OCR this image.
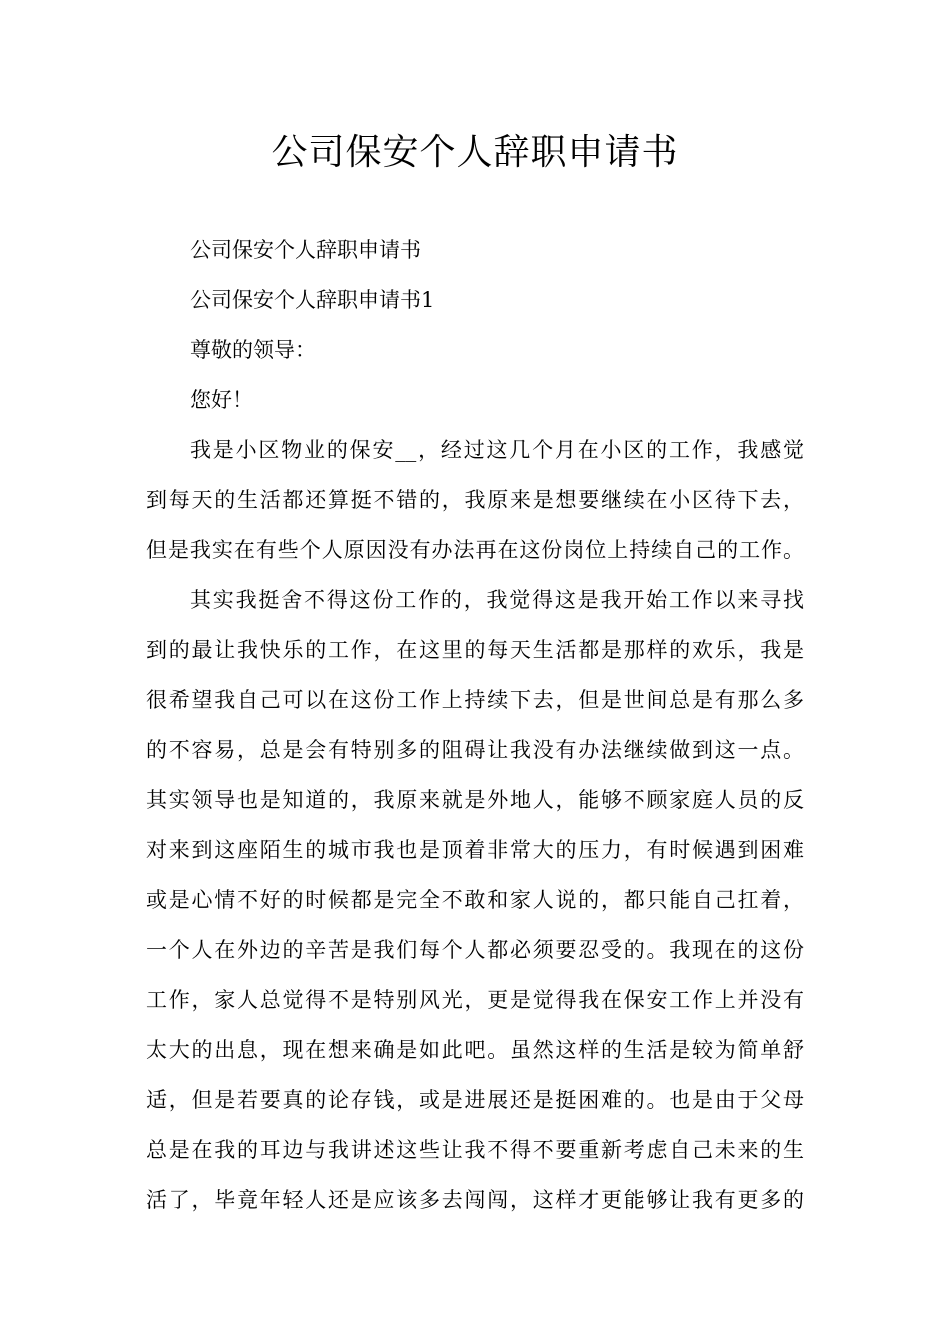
公司保安个人辞职申请书

公司保安个人辞职申请书

公司保安个人辞职申请书1

尊敬的领导：

您好！

我是小区物业的保安__，经过这几个月在小区的工作，我感觉

到每天的生活都还算挺不错的，我原来是想要继续在小区待下去，

但是我实在有些个人原因没有办法再在这份岗位上持续自己的工作。

其实我挺舍不得这份工作的，我觉得这是我开始工作以来寻找

到的最让我快乐的工作，在这里的每天生活都是那样的欢乐，我是

很希望我自己可以在这份工作上持续下去，但是世间总是有那么多

的不容易，总是会有特别多的阻碍让我没有办法继续做到这一点。

其实领导也是知道的，我原来就是外地人，能够不顾家庭人员的反

对来到这座陌生的城市我也是顶着非常大的压力，有时候遇到困难

或是心情不好的时候都是完全不敢和家人说的，都只能自己扛着，

一个人在外边的辛苦是我们每个人都必须要忍受的。我现在的这份

工作，家人总觉得不是特别风光，更是觉得我在保安工作上并没有

太大的出息，现在想来确是如此吧。虽然这样的生活是较为简单舒

适，但是若要真的论存钱，或是进展还是挺困难的。也是由于父母

总是在我的耳边与我讲述这些让我不得不要重新考虑自己未来的生

活了，毕竟年轻人还是应该多去闯闯，这样才更能够让我有更多的
